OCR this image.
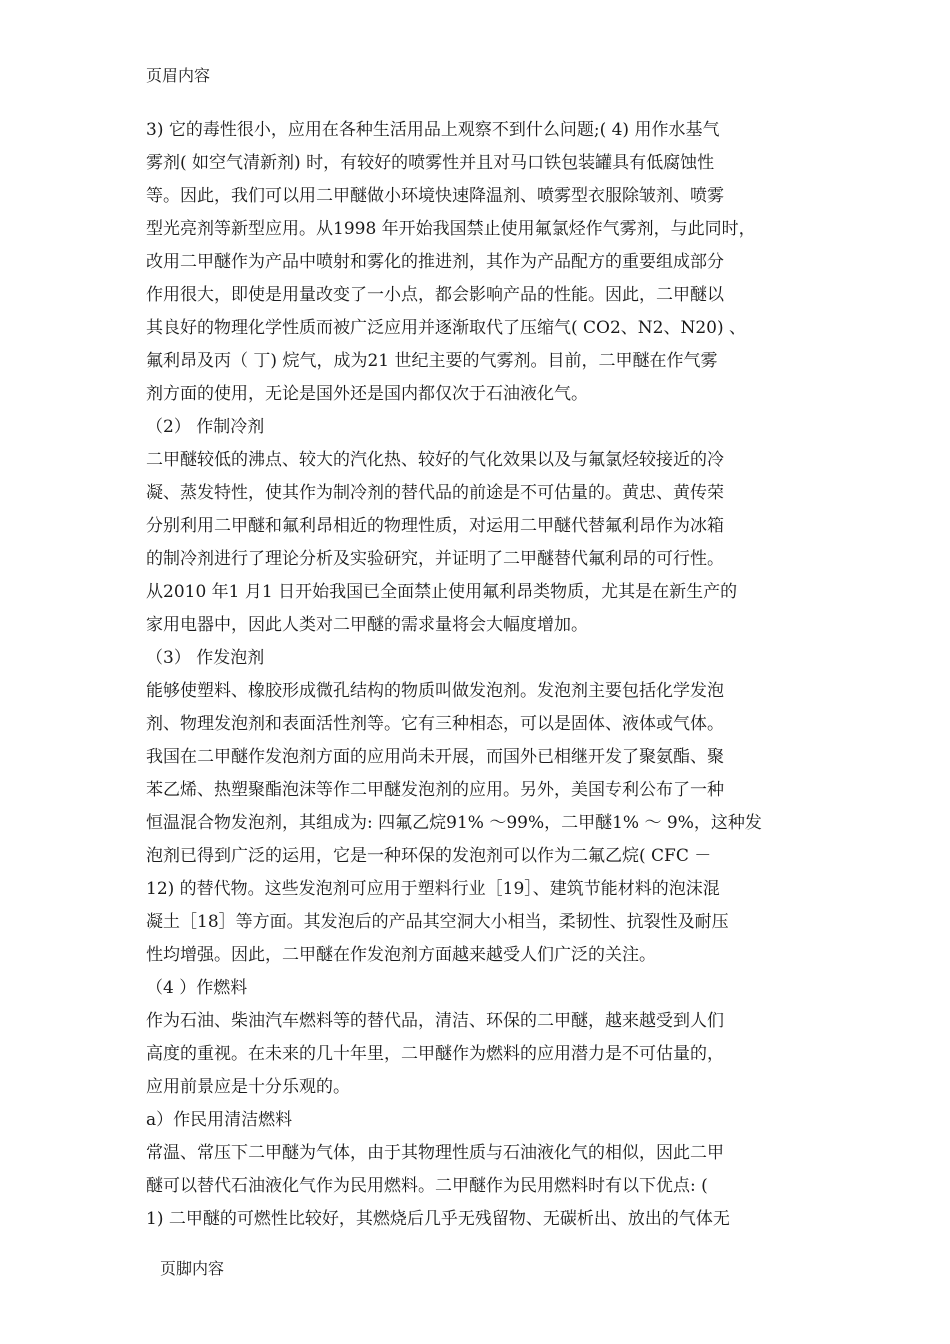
页眉内容

3) 它的毒性很小，应用在各种生活用品上观察不到什么问题;( 4) 用作水基气

雾剂( 如空气清新剂) 时，有较好的喷雾性并且对马口铁包装罐具有低腐蚀性

等。因此，我们可以用二甲醚做小环境快速降温剂、喷雾型衣服除皱剂、喷雾

型光亮剂等新型应用。从1998 年开始我国禁止使用氟氯烃作气雾剂，与此同时，

改用二甲醚作为产品中喷射和雾化的推进剂，其作为产品配方的重要组成部分

作用很大，即使是用量改变了一小点，都会影响产品的性能。因此，二甲醚以

其良好的物理化学性质而被广泛应用并逐渐取代了压缩气( CO2、N2、N20) 、

氟利昂及丙（ 丁) 烷气，成为21 世纪主要的气雾剂。目前，二甲醚在作气雾

剂方面的使用，无论是国外还是国内都仅次于石油液化气。

（2） 作制冷剂

二甲醚较低的沸点、较大的汽化热、较好的气化效果以及与氟氯烃较接近的冷

凝、蒸发特性，使其作为制冷剂的替代品的前途是不可估量的。黄忠、黄传荣

分别利用二甲醚和氟利昂相近的物理性质，对运用二甲醚代替氟利昂作为冰箱

的制冷剂进行了理论分析及实验研究，并证明了二甲醚替代氟利昂的可行性。

从2010 年1 月1 日开始我国已全面禁止使用氟利昂类物质，尤其是在新生产的

家用电器中，因此人类对二甲醚的需求量将会大幅度增加。

（3） 作发泡剂

能够使塑料、橡胶形成微孔结构的物质叫做发泡剂。发泡剂主要包括化学发泡

剂、物理发泡剂和表面活性剂等。它有三种相态，可以是固体、液体或气体。

我国在二甲醚作发泡剂方面的应用尚未开展，而国外已相继开发了聚氨酯、聚

苯乙烯、热塑聚酯泡沫等作二甲醚发泡剂的应用。另外，美国专利公布了一种

恒温混合物发泡剂，其组成为: 四氟乙烷91% ～99%，二甲醚1% ～ 9%，这种发

泡剂已得到广泛的运用，它是一种环保的发泡剂可以作为二氟乙烷( CFC －

12) 的替代物。这些发泡剂可应用于塑料行业［19］、建筑节能材料的泡沫混

凝土［18］等方面。其发泡后的产品其空洞大小相当，柔韧性、抗裂性及耐压

性均增强。因此，二甲醚在作发泡剂方面越来越受人们广泛的关注。

（4 ）作燃料

作为石油、柴油汽车燃料等的替代品，清洁、环保的二甲醚，越来越受到人们

高度的重视。在未来的几十年里，二甲醚作为燃料的应用潜力是不可估量的，

应用前景应是十分乐观的。

a）作民用清洁燃料

常温、常压下二甲醚为气体，由于其物理性质与石油液化气的相似，因此二甲

醚可以替代石油液化气作为民用燃料。二甲醚作为民用燃料时有以下优点: (

1) 二甲醚的可燃性比较好，其燃烧后几乎无残留物、无碳析出、放出的气体无

页脚内容
